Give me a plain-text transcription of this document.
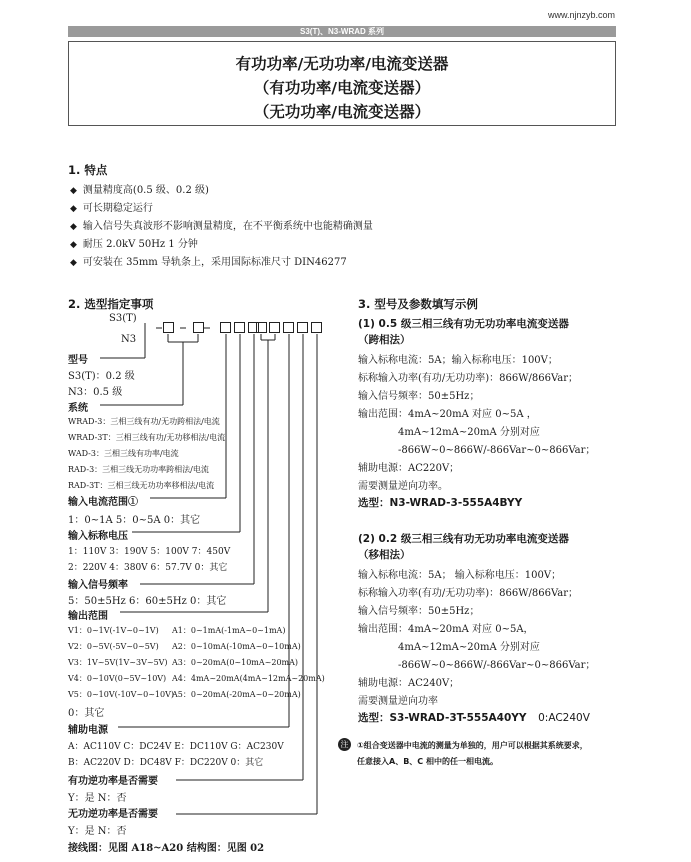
www.njnzyb.com
S3(T)、N3-WRAD 系列
有功功率/无功功率/电流变送器
（有功功率/电流变送器）
（无功功率/电流变送器）
1. 特点
◆ 测量精度高(0.5 级、0.2 级)
◆ 可长期稳定运行
◆ 输入信号失真波形不影响测量精度，在不平衡系统中也能精确测量
◆ 耐压 2.0kV 50Hz 1 分钟
◆ 可安装在 35mm 导轨条上，采用国际标准尺寸 DIN46277
2. 选型指定事项
S3(T)
N3
型号
S3(T)：0.2 级
N3：0.5 级
系统
WRAD-3：三相三线有功/无功跨相法/电流
WRAD-3T：三相三线有功/无功移相法/电流
WAD-3：三相三线有功率/电流
RAD-3：三相三线无功功率跨相法/电流
RAD-3T：三相三线无功功率移相法/电流
输入电流范围①
1：0~1A 5：0~5A 0：其它
输入标称电压
1：110V 3：190V 5：100V 7：450V
2：220V 4：380V 6：57.7V 0：其它
输入信号频率
5：50±5Hz 6：60±5Hz 0：其它
输出范围
V1：0~1V(-1V~0~1V) A1：0~1mA(-1mA~0~1mA)
V2：0~5V(-5V~0~5V) A2：0~10mA(-10mA~0~10mA)
V3：1V~5V(1V~3V~5V) A3：0~20mA(0~10mA~20mA)
V4：0~10V(0~5V~10V) A4：4mA~20mA(4mA~12mA~20mA)
V5：0~10V(-10V~0~10V)
A5：0~20mA(-20mA~0~20mA)
0：其它
辅助电源
A：AC110V C：DC24V E：DC110V G：AC230V
B：AC220V D：DC48V F：DC220V 0：其它
有功逆功率是否需要
Y：是 N：否
无功逆功率是否需要
Y：是 N：否
接线图：见图 A18~A20 结构图：见图 02
3. 型号及参数填写示例
(1) 0.5 级三相三线有功无功功率电流变送器
（跨相法）
输入标称电流：5A；输入标称电压：100V；
标称输入功率(有功/无功功率)：866W/866Var；
输入信号频率：50±5Hz；
输出范围：4mA~20mA 对应 0~5A ，
4mA~12mA~20mA 分别对应
-866W~0~866W/-866Var~0~866Var；
辅助电源：AC220V；
需要测量逆向功率。
选型：N3-WRAD-3-555A4BYY
(2) 0.2 级三相三线有功无功功率电流变送器
（移相法）
输入标称电流：5A； 输入标称电压：100V；
标称输入功率(有功/无功功率)：866W/866Var；
输入信号频率：50±5Hz；
输出范围：4mA~20mA 对应 0~5A，
4mA~12mA~20mA 分别对应
-866W~0~866W/-866Var~0~866Var；
辅助电源：AC240V；
需要测量逆向功率
选型：S3-WRAD-3T-555A40YY 0:AC240V
注	①组合变送器中电流的测量为单独的，用户可以根据其系统要求，
任意接入A、B、C 相中的任一相电流。
